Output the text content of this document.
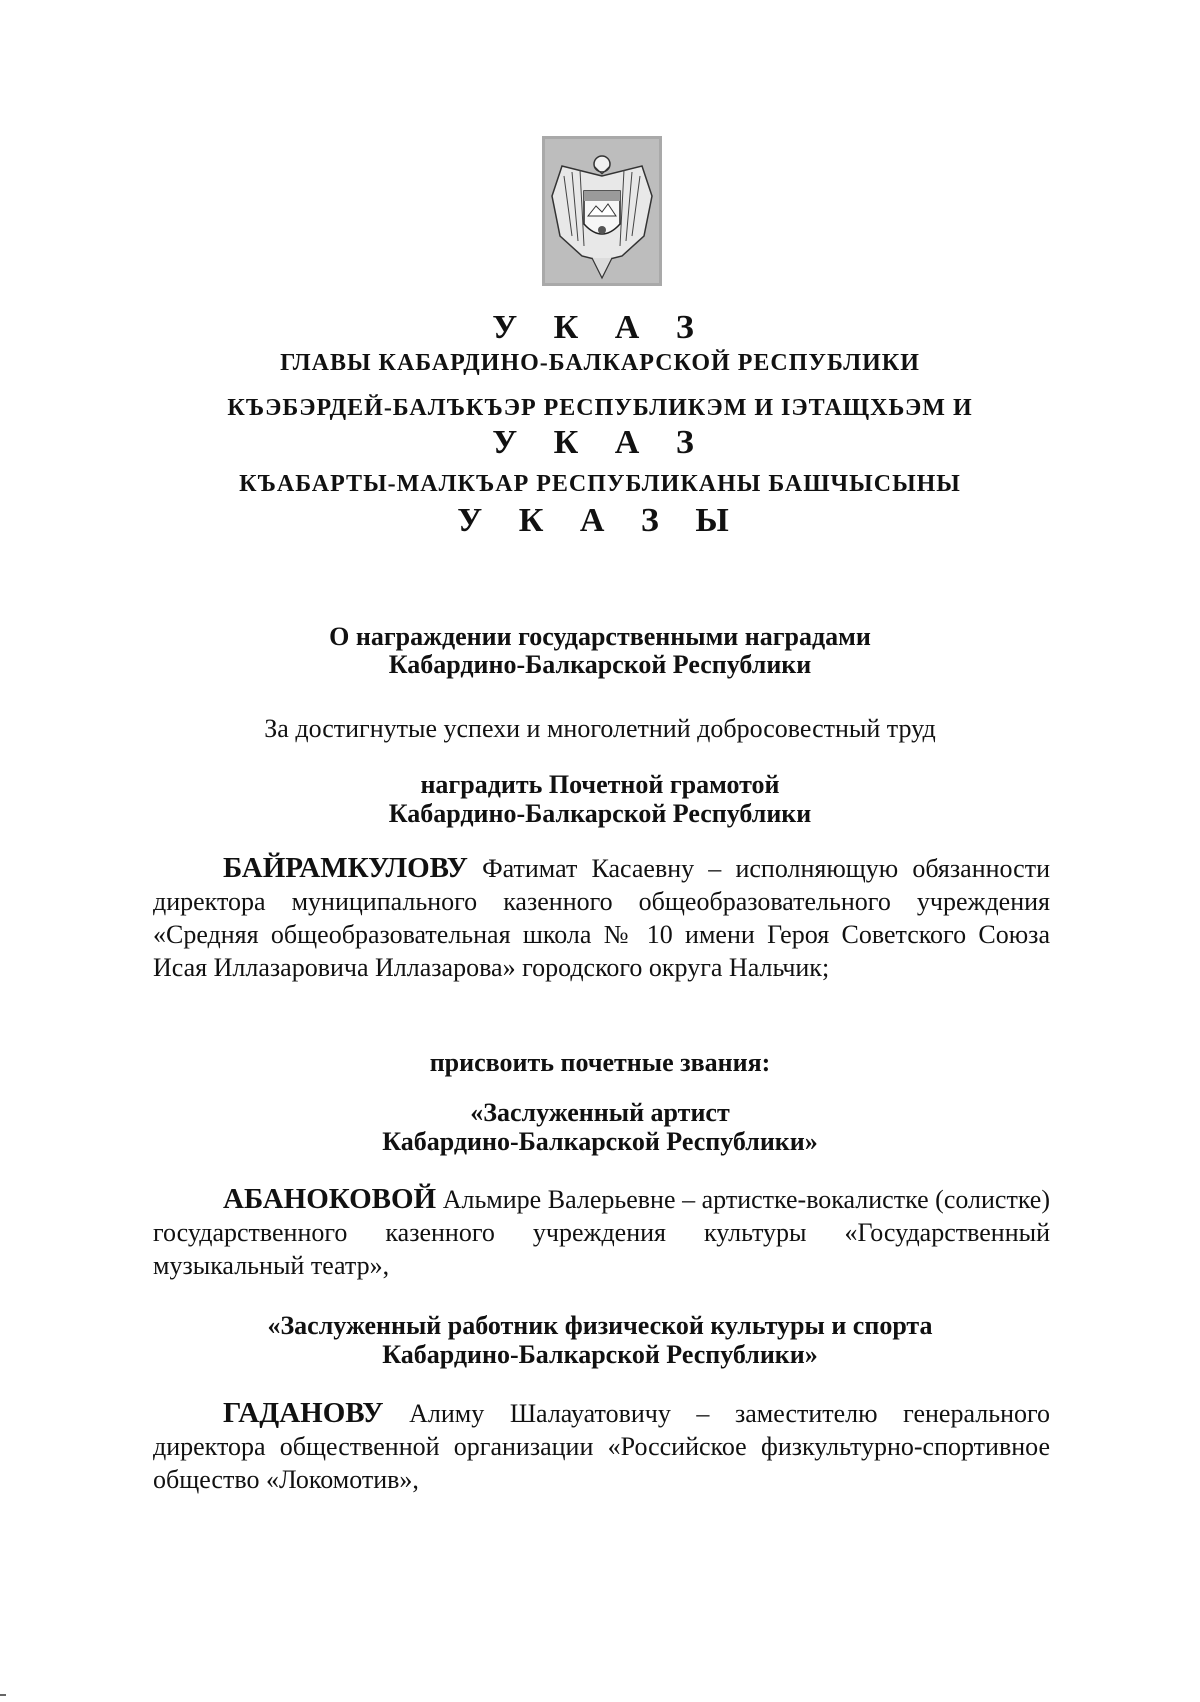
У К А З
ГЛАВЫ КАБАРДИНО-БАЛКАРСКОЙ РЕСПУБЛИКИ
КЪЭБЭРДЕЙ-БАЛЪКЪЭР РЕСПУБЛИКЭМ И ІЭТАЩХЬЭМ И
У К А З
КЪАБАРТЫ-МАЛКЪАР РЕСПУБЛИКАНЫ БАШЧЫСЫНЫ
У К А З Ы
О награждении государственными наградами
Кабардино-Балкарской Республики
За достигнутые успехи и многолетний добросовестный труд
наградить Почетной грамотой
Кабардино-Балкарской Республики
БАЙРАМКУЛОВУ Фатимат Касаевну – исполняющую обязанности директора муниципального казенного общеобразовательного учреждения «Средняя общеобразовательная школа № 10 имени Героя Советского Союза Исая Иллазаровича Иллазарова» городского округа Нальчик;
присвоить почетные звания:
«Заслуженный артист
Кабардино-Балкарской Республики»
АБАНОКОВОЙ Альмире Валерьевне – артистке-вокалистке (солистке) государственного казенного учреждения культуры «Государственный музыкальный театр»,
«Заслуженный работник физической культуры и спорта
Кабардино-Балкарской Республики»
ГАДАНОВУ Алиму Шалауатовичу – заместителю генерального директора общественной организации «Российское физкультурно-спортивное общество «Локомотив»,
